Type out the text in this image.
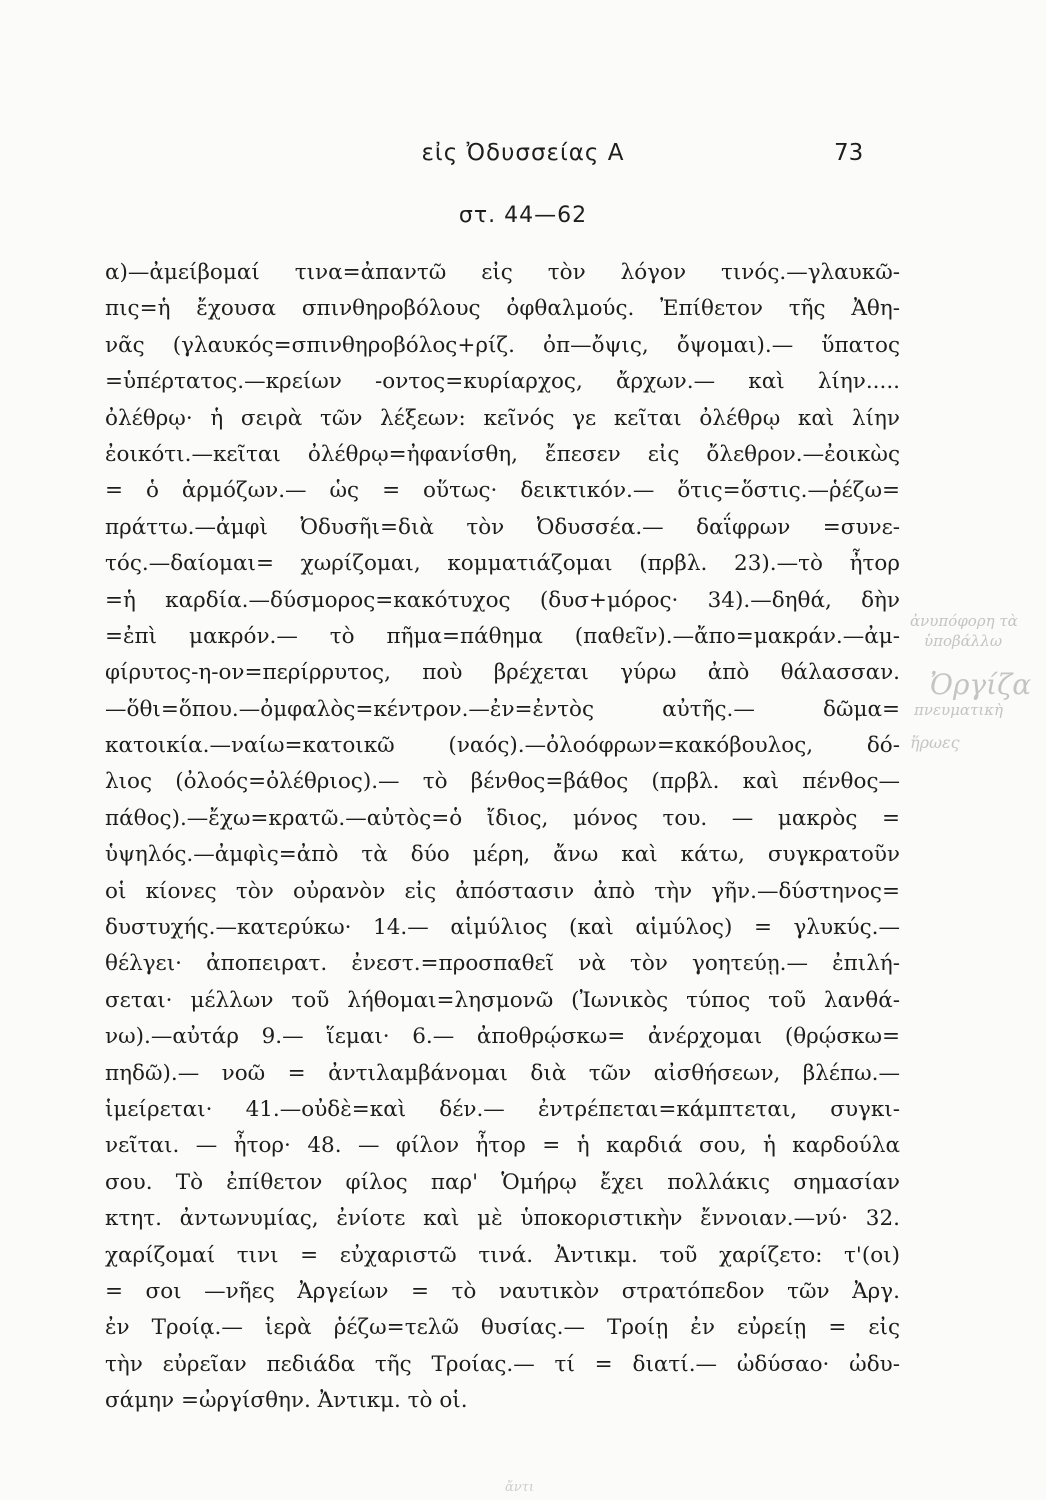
εἰς Ὀδυσσείας Α	73
στ. 44—62
α)—ἀμείβομαί τινα=ἀπαντῶ εἰς τὸν λόγον τινός.—γλαυκῶ-
πις=ἡ ἔχουσα σπινθηροβόλους ὀφθαλμούς. Ἐπίθετον τῆς Ἀθη-
νᾶς (γλαυκός=σπινθηροβόλος+ρίζ. ὀπ—ὄψις, ὄψομαι).— ὕπατος
=ὑπέρτατος.—κρείων -οντος=κυρίαρχος, ἄρχων.— καὶ λίην.....
ὀλέθρῳ· ἡ σειρὰ τῶν λέξεων: κεῖνός γε κεῖται ὀλέθρῳ καὶ λίην
ἐοικότι.—κεῖται ὀλέθρῳ=ἠφανίσθη, ἔπεσεν εἰς ὄλεθρον.—ἐοικὼς
= ὁ ἁρμόζων.— ὡς = οὕτως· δεικτικόν.— ὅτις=ὅστις.—ῥέζω=
πράττω.—ἀμφὶ Ὀδυσῆι=διὰ τὸν Ὀδυσσέα.— δαΐφρων =συνε-
τός.—δαίομαι= χωρίζομαι, κομματιάζομαι (πρβλ. 23).—τὸ ἦτορ
=ἡ καρδία.—δύσμορος=κακότυχος (δυσ+μόρος· 34).—δηθά, δὴν
=ἐπὶ μακρόν.— τὸ πῆμα=πάθημα (παθεῖν).—ἄπο=μακράν.—ἀμ-
φίρυτος-η-ον=περίρρυτος, ποὺ βρέχεται γύρω ἀπὸ θάλασσαν.
—ὅθι=ὅπου.—ὀμφαλὸς=κέντρον.—ἐν=ἐντὸς αὐτῆς.— δῶμα=
κατοικία.—ναίω=κατοικῶ (ναός).—ὀλοόφρων=κακόβουλος, δό-
λιος (ὀλοός=ὀλέθριος).— τὸ βένθος=βάθος (πρβλ. καὶ πένθος—
πάθος).—ἔχω=κρατῶ.—αὐτὸς=ὁ ἴδιος, μόνος του. — μακρὸς =
ὑψηλός.—ἀμφὶς=ἀπὸ τὰ δύο μέρη, ἄνω καὶ κάτω, συγκρατοῦν
οἱ κίονες τὸν οὐρανὸν εἰς ἀπόστασιν ἀπὸ τὴν γῆν.—δύστηνος=
δυστυχής.—κατερύκω· 14.— αἱμύλιος (καὶ αἱμύλος) = γλυκύς.—
θέλγει· ἀποπειρατ. ἐνεστ.=προσπαθεῖ νὰ τὸν γοητεύῃ.— ἐπιλή-
σεται· μέλλων τοῦ λήθομαι=λησμονῶ (Ἰωνικὸς τύπος τοῦ λανθά-
νω).—αὐτάρ 9.— ἵεμαι· 6.— ἀποθρῴσκω= ἀνέρχομαι (θρῴσκω=
πηδῶ).— νοῶ = ἀντιλαμβάνομαι διὰ τῶν αἰσθήσεων, βλέπω.—
ἱμείρεται· 41.—οὐδὲ=καὶ δέν.— ἐντρέπεται=κάμπτεται, συγκι-
νεῖται. — ἦτορ· 48. — φίλον ἦτορ = ἡ καρδιά σου, ἡ καρδούλα
σου. Τὸ ἐπίθετον φίλος παρ' Ὁμήρῳ ἔχει πολλάκις σημασίαν
κτητ. ἀντωνυμίας, ἐνίοτε καὶ μὲ ὑποκοριστικὴν ἔννοιαν.—νύ· 32.
χαρίζομαί τινι = εὐχαριστῶ τινά. Ἀντικμ. τοῦ χαρίζετο: τ'(οι)
= σοι —νῆες Ἀργείων = τὸ ναυτικὸν στρατόπεδον τῶν Ἀργ.
ἐν Τροίᾳ.— ἱερὰ ῥέζω=τελῶ θυσίας.— Τροίῃ ἐν εὐρείῃ = εἰς
τὴν εὐρεῖαν πεδιάδα τῆς Τροίας.— τί = διατί.— ὠδύσαο· ὠδυ-
σάμην =ὠργίσθην. Ἀντικμ. τὸ οἱ.
ἀνυπόφορη τὰ
ὑποβάλλω
Ὀργίζα
πνευματικὴ
ἥρωες
ἄντι
